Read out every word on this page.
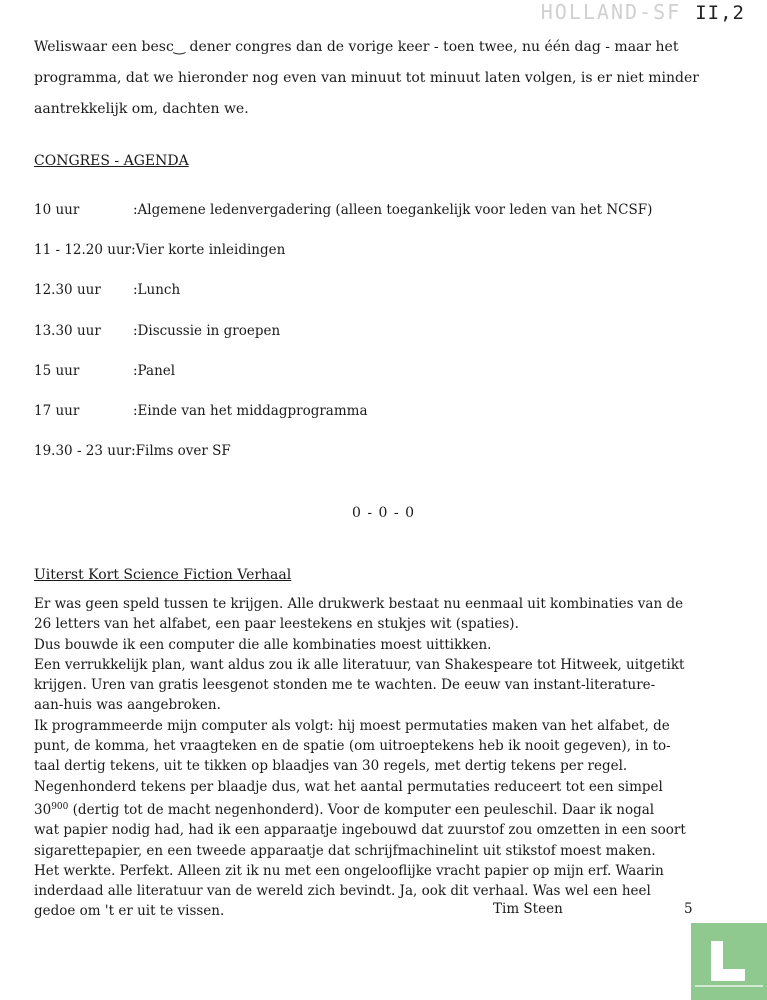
HOLLAND-SF II,2

Weliswaar een besc‿ dener congres dan de vorige keer - toen twee, nu één dag - maar het

programma, dat we hieronder nog even van minuut tot minuut laten volgen, is er niet minder

aantrekkelijk om, dachten we.

CONGRES - AGENDA
10 uur	:Algemene ledenvergadering (alleen toegankelijk voor leden van het NCSF)
11 - 12.20 uur :Vier korte inleidingen
12.30 uur :Lunch
13.30 uur :Discussie in groepen
15 uur	:Panel
17 uur	:Einde van het middagprogramma
19.30 - 23 uur :Films over SF
0 - 0 - 0
Uiterst Kort Science Fiction Verhaal
Er was geen speld tussen te krijgen. Alle drukwerk bestaat nu eenmaal uit kombinaties van de
26 letters van het alfabet, een paar leestekens en stukjes wit (spaties).
Dus bouwde ik een computer die alle kombinaties moest uittikken.
Een verrukkelijk plan, want aldus zou ik alle literatuur, van Shakespeare tot Hitweek, uitgetikt
krijgen. Uren van gratis leesgenot stonden me te wachten. De eeuw van instant-literature-
aan-huis was aangebroken.
Ik programmeerde mijn computer als volgt: hij moest permutaties maken van het alfabet, de
punt, de komma, het vraagteken en de spatie (om uitroeptekens heb ik nooit gegeven), in to-
taal dertig tekens, uit te tikken op blaadjes van 30 regels, met dertig tekens per regel.
Negenhonderd tekens per blaadje dus, wat het aantal permutaties reduceert tot een simpel
$30^{900}$ (dertig tot de macht negenhonderd). Voor de komputer een peuleschil. Daar ik nogal
wat papier nodig had, had ik een apparaatje ingebouwd dat zuurstof zou omzetten in een soort
sigarettepapier, en een tweede apparaatje dat schrijfmachinelint uit stikstof moest maken.
Het werkte. Perfekt. Alleen zit ik nu met een ongelooflijke vracht papier op mijn erf. Waarin
inderdaad alle literatuur van de wereld zich bevindt. Ja, ook dit verhaal. Was wel een heel
gedoe om 't er uit te vissen.	Tim Steen	5
